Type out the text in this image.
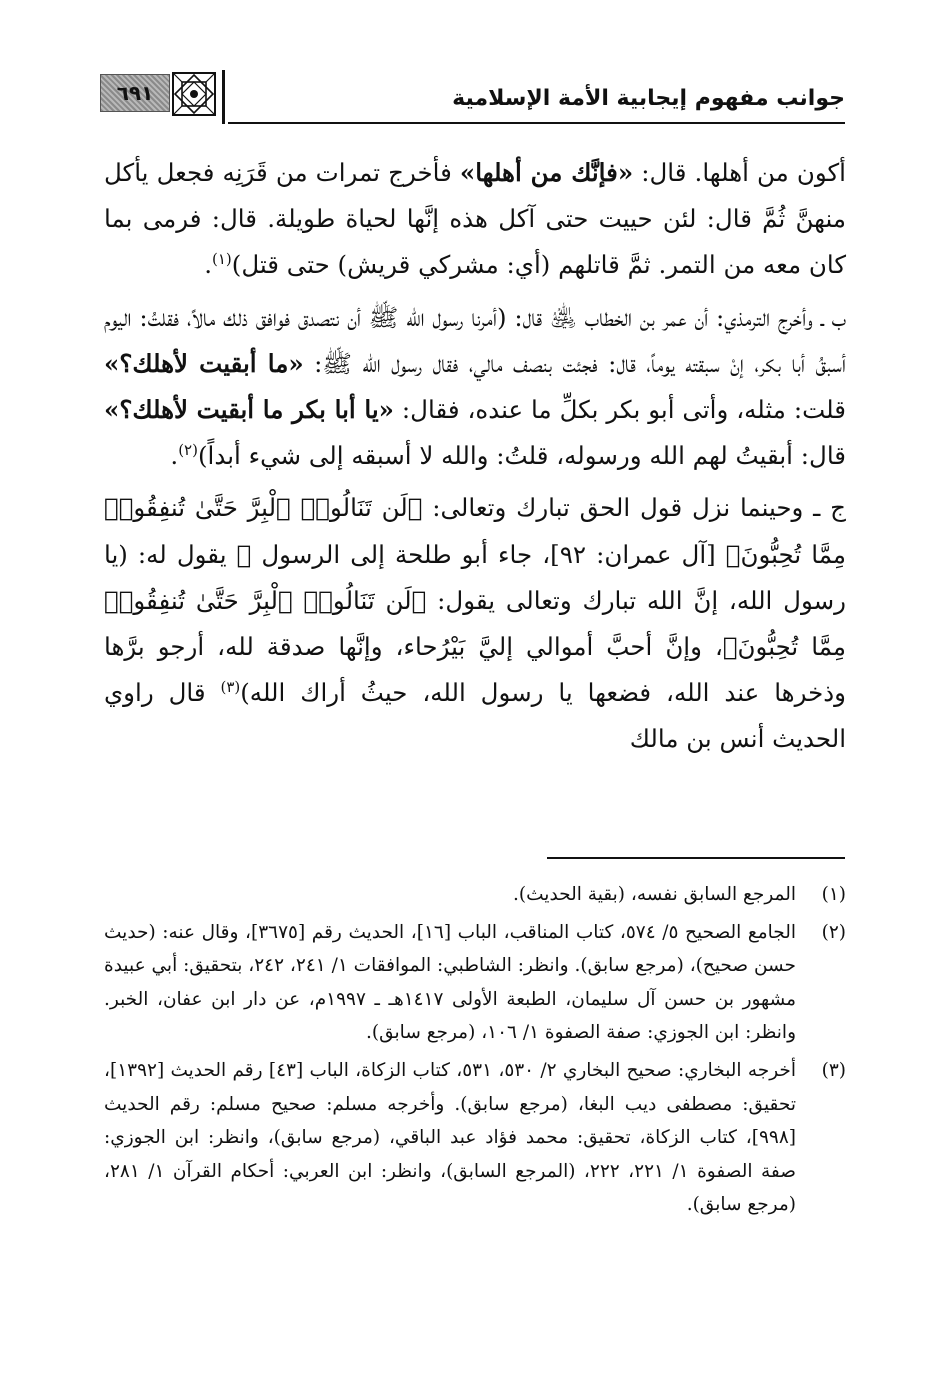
جوانب مفهوم إيجابية الأمة الإسلامية
٦٩١

أكون من أهلها. قال: «فإنَّك من أهلها» فأخرج تمرات من قَرَنِه فجعل يأكل منهنَّ ثُمَّ قال: لئن حييت حتى آكل هذه إنَّها لحياة طويلة. قال: فرمى بما كان معه من التمر. ثمَّ قاتلهم (أي: مشركي قريش) حتى قتل)$^{(١)}$.

ب ـ وأخرج الترمذي: أن عمر بن الخطاب ﵁ قال: (أمرنا رسول الله ﷺ أن نتصدق فوافق ذلك مالاً، فقلتُ: اليوم أسبقُ أبا بكر، إنْ سبقته يوماً، قال: فجئت بنصف مالي، فقال رسول الله ﷺ: «ما أبقيت لأهلك؟» قلت: مثله، وأتى أبو بكر بكلِّ ما عنده، فقال: «يا أبا بكر ما أبقيت لأهلك؟» قال: أبقيتُ لهم الله ورسوله، قلتُ: والله لا أسبقه إلى شيء أبداً)$^{(٢)}$.

ج ـ وحينما نزل قول الحق تبارك وتعالى: ﴿لَن تَنَالُوا۟ ٱلْبِرَّ حَتَّىٰ تُنفِقُوا۟ مِمَّا تُحِبُّونَ﴾ [آل عمران: ٩٢]، جاء أبو طلحة إلى الرسول ﷺ يقول له: (يا رسول الله، إنَّ الله تبارك وتعالى يقول: ﴿لَن تَنَالُوا۟ ٱلْبِرَّ حَتَّىٰ تُنفِقُوا۟ مِمَّا تُحِبُّونَ﴾، وإنَّ أحبَّ أموالي إليَّ بَيْرُحاء، وإنَّها صدقة لله، أرجو برَّها وذخرها عند الله، فضعها يا رسول الله، حيثُ أراك الله)$^{(٣)}$ قال راوي الحديث أنس بن مالك

(١)
المرجع السابق نفسه، (بقية الحديث).
(٢)
الجامع الصحيح ٥/ ٥٧٤، كتاب المناقب، الباب [١٦]، الحديث رقم [٣٦٧٥]، وقال عنه: (حديث حسن صحيح)، (مرجع سابق). وانظر: الشاطبي: الموافقات ١/ ٢٤١، ٢٤٢، بتحقيق: أبي عبيدة مشهور بن حسن آل سليمان، الطبعة الأولى ١٤١٧هـ ـ ١٩٩٧م، عن دار ابن عفان، الخبر. وانظر: ابن الجوزي: صفة الصفوة ١/ ١٠٦، (مرجع سابق).
(٣)
أخرجه البخاري: صحيح البخاري ٢/ ٥٣٠، ٥٣١، كتاب الزكاة، الباب [٤٣] رقم الحديث [١٣٩٢]، تحقيق: مصطفى ديب البغا، (مرجع سابق). وأخرجه مسلم: صحيح مسلم: رقم الحديث [٩٩٨]، كتاب الزكاة، تحقيق: محمد فؤاد عبد الباقي، (مرجع سابق)، وانظر: ابن الجوزي: صفة الصفوة ١/ ٢٢١، ٢٢٢، (المرجع السابق)، وانظر: ابن العربي: أحكام القرآن ١/ ٢٨١، (مرجع سابق).
